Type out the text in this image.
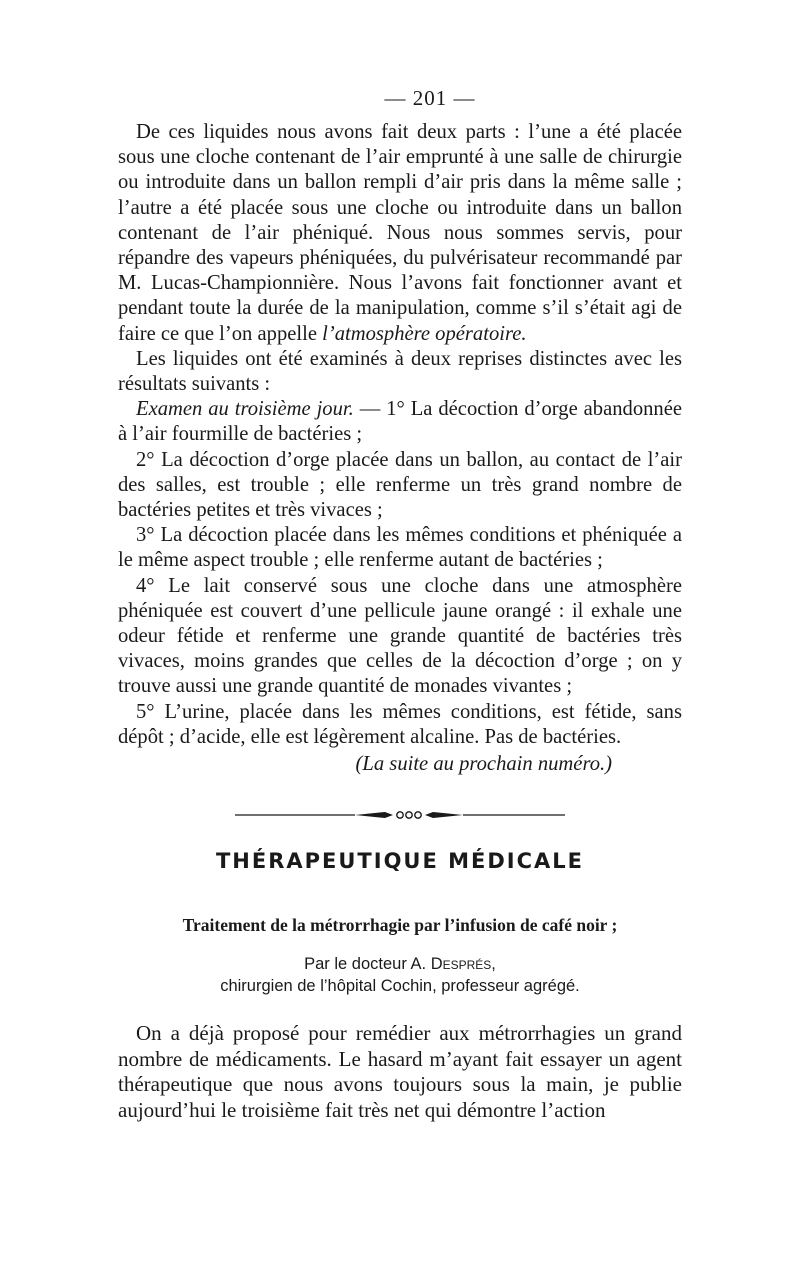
— 201 —

De ces liquides nous avons fait deux parts : l’une a été placée sous une cloche contenant de l’air emprunté à une salle de chirurgie ou introduite dans un ballon rempli d’air pris dans la même salle ; l’autre a été placée sous une cloche ou introduite dans un ballon contenant de l’air phéniqué. Nous nous sommes servis, pour répandre des vapeurs phéniquées, du pulvérisateur recommandé par M. Lucas-Championnière. Nous l’avons fait fonctionner avant et pendant toute la durée de la manipulation, comme s’il s’était agi de faire ce que l’on appelle l’atmosphère opératoire.

Les liquides ont été examinés à deux reprises distinctes avec les résultats suivants :

Examen au troisième jour. — 1° La décoction d’orge abandonnée à l’air fourmille de bactéries ;

2° La décoction d’orge placée dans un ballon, au contact de l’air des salles, est trouble ; elle renferme un très grand nombre de bactéries petites et très vivaces ;

3° La décoction placée dans les mêmes conditions et phéniquée a le même aspect trouble ; elle renferme autant de bactéries ;

4° Le lait conservé sous une cloche dans une atmosphère phéniquée est couvert d’une pellicule jaune orangé : il exhale une odeur fétide et renferme une grande quantité de bactéries très vivaces, moins grandes que celles de la décoction d’orge ; on y trouve aussi une grande quantité de monades vivantes ;

5° L’urine, placée dans les mêmes conditions, est fétide, sans dépôt ; d’acide, elle est légèrement alcaline. Pas de bactéries.

(La suite au prochain numéro.)
THÉRAPEUTIQUE MÉDICALE
Traitement de la métrorrhagie par l’infusion de café noir ;
Par le docteur A. Després,
chirurgien de l’hôpital Cochin, professeur agrégé.

On a déjà proposé pour remédier aux métrorrhagies un grand nombre de médicaments. Le hasard m’ayant fait essayer un agent thérapeutique que nous avons toujours sous la main, je publie aujourd’hui le troisième fait très net qui démontre l’action
